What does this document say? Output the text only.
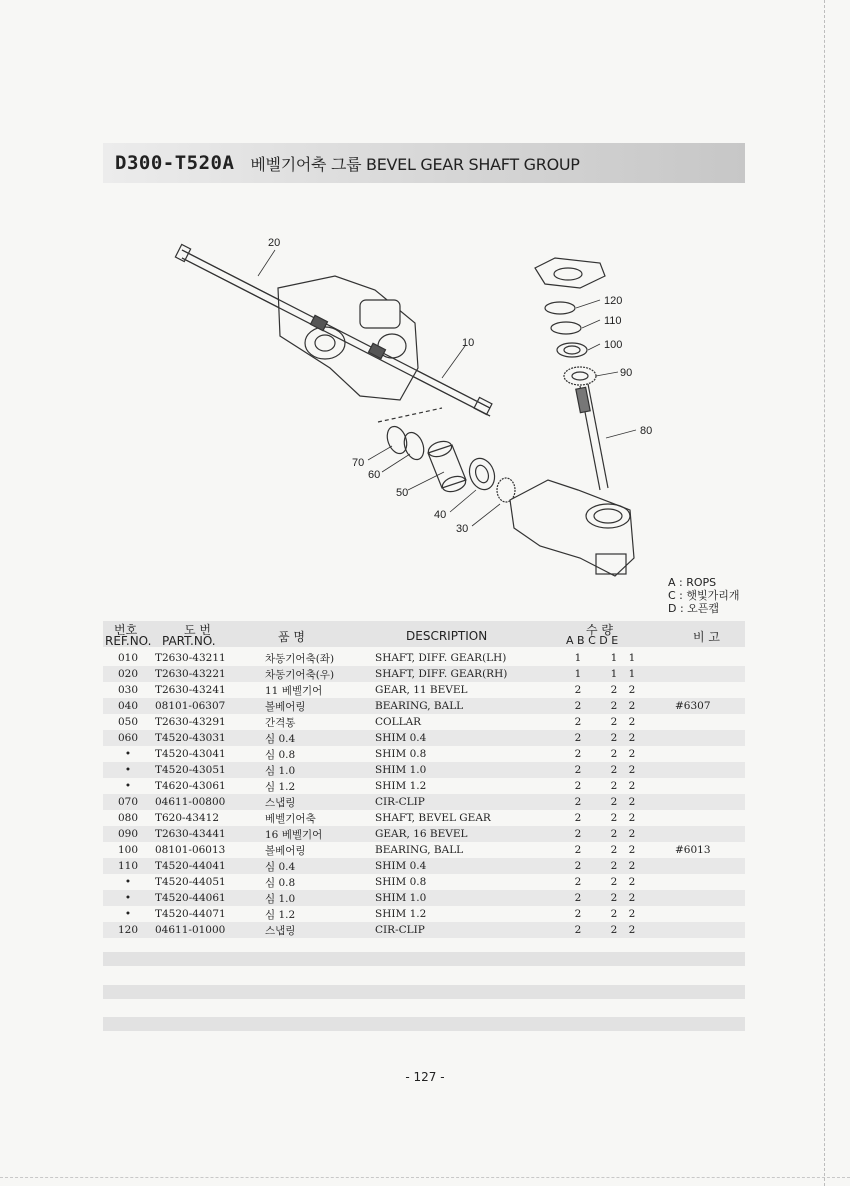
D300-T520A 베벨기어축 그룹 BEVEL GEAR SHAFT GROUP
20
10
120
110
100
90
80
70
60
50
40
30
A : ROPS
C : 햇빛가리개
D : 오픈캡
번호	도 번
REF.NO. PART.NO.	품 명	DESCRIPTION	수 량
A B C D E	비 고
010	T2630-43211	차동기어축(좌)	SHAFT, DIFF. GEAR(LH)	1		1	1		
020	T2630-43221	차동기어축(우)	SHAFT, DIFF. GEAR(RH)	1		1	1		
030	T2630-43241	11 베벨기어	GEAR, 11 BEVEL	2		2	2		
040	08101-06307	볼베어링	BEARING, BALL	2		2	2		#6307
050	T2630-43291	간격통	COLLAR	2		2	2		
060	T4520-43031	심 0.4	SHIM 0.4	2		2	2		
•	T4520-43041	심 0.8	SHIM 0.8	2		2	2		
•	T4520-43051	심 1.0	SHIM 1.0	2		2	2		
•	T4620-43061	심 1.2	SHIM 1.2	2		2	2		
070	04611-00800	스냅링	CIR-CLIP	2		2	2		
080	T620-43412	베벨기어축	SHAFT, BEVEL GEAR	2		2	2		
090	T2630-43441	16 베벨기어	GEAR, 16 BEVEL	2		2	2		
100	08101-06013	볼베어링	BEARING, BALL	2		2	2		#6013
110	T4520-44041	심 0.4	SHIM 0.4	2		2	2		
•	T4520-44051	심 0.8	SHIM 0.8	2		2	2		
•	T4520-44061	심 1.0	SHIM 1.0	2		2	2		
•	T4520-44071	심 1.2	SHIM 1.2	2		2	2		
120	04611-01000	스냅링	CIR-CLIP	2		2	2		
- 127 -
